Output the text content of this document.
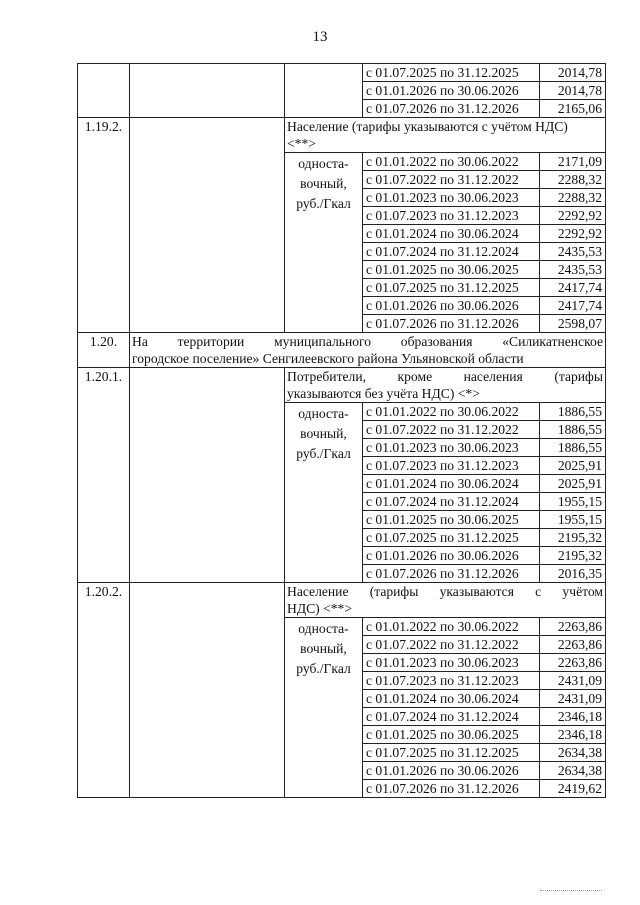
13
			с 01.07.2025 по 31.12.2025	2014,78
			с 01.01.2026 по 30.06.2026	2014,78
			с 01.07.2026 по 31.12.2026	2165,06
1.19.2.		Население (тарифы указываются с учётом НДС)
<**>		

		односта-
вочный,
руб./Гкал	с 01.01.2022 по 30.06.2022	2171,09
			с 01.07.2022 по 31.12.2022	2288,32
			с 01.01.2023 по 30.06.2023	2288,32
			с 01.07.2023 по 31.12.2023	2292,92
			с 01.01.2024 по 30.06.2024	2292,92
			с 01.07.2024 по 31.12.2024	2435,53
			с 01.01.2025 по 30.06.2025	2435,53
			с 01.07.2025 по 31.12.2025	2417,74
			с 01.01.2026 по 30.06.2026	2417,74
			с 01.07.2026 по 31.12.2026	2598,07
1.20.	На территории муниципального образования «Силикатненское
городское поселение» Сенгилеевского района Ульяновской области			

1.20.1.		Потребители, кроме населения (тарифы
указываются без учёта НДС) <*>		

		односта-
вочный,
руб./Гкал	с 01.01.2022 по 30.06.2022	1886,55
			с 01.07.2022 по 31.12.2022	1886,55
			с 01.01.2023 по 30.06.2023	1886,55
			с 01.07.2023 по 31.12.2023	2025,91
			с 01.01.2024 по 30.06.2024	2025,91
			с 01.07.2024 по 31.12.2024	1955,15
			с 01.01.2025 по 30.06.2025	1955,15
			с 01.07.2025 по 31.12.2025	2195,32
			с 01.01.2026 по 30.06.2026	2195,32
			с 01.07.2026 по 31.12.2026	2016,35
1.20.2.		Население (тарифы указываются с учётом
НДС) <**>		

		односта-
вочный,
руб./Гкал	с 01.01.2022 по 30.06.2022	2263,86
			с 01.07.2022 по 31.12.2022	2263,86
			с 01.01.2023 по 30.06.2023	2263,86
			с 01.07.2023 по 31.12.2023	2431,09
			с 01.01.2024 по 30.06.2024	2431,09
			с 01.07.2024 по 31.12.2024	2346,18
			с 01.01.2025 по 30.06.2025	2346,18
			с 01.07.2025 по 31.12.2025	2634,38
			с 01.01.2026 по 30.06.2026	2634,38
			с 01.07.2026 по 31.12.2026	2419,62
